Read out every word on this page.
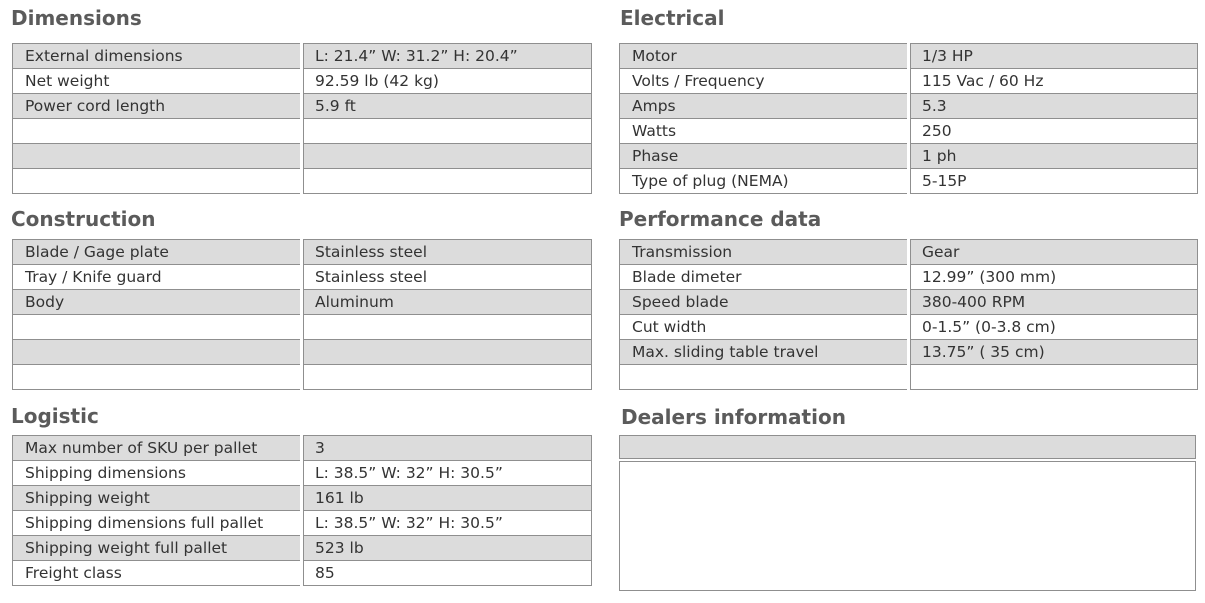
Dimensions
External dimensions	L: 21.4” W: 31.2” H: 20.4”
Net weight	92.59 lb (42 kg)
Power cord length	5.9 ft

Electrical
Motor	1/3 HP
Volts / Frequency	115 Vac / 60 Hz
Amps	5.3
Watts	250
Phase	1 ph
Type of plug (NEMA)	5-15P
Construction
Blade / Gage plate	Stainless steel
Tray / Knife guard	Stainless steel
Body	Aluminum

Performance data
Transmission	Gear
Blade dimeter	12.99” (300 mm)
Speed blade	380-400 RPM
Cut width	0-1.5” (0-3.8 cm)
Max. sliding table travel	13.75” ( 35 cm)

Logistic
Max number of SKU per pallet	3
Shipping dimensions	L: 38.5” W: 32” H: 30.5”
Shipping weight	161 lb
Shipping dimensions full pallet	L: 38.5” W: 32” H: 30.5”
Shipping weight full pallet	523 lb
Freight class	85
Dealers information
